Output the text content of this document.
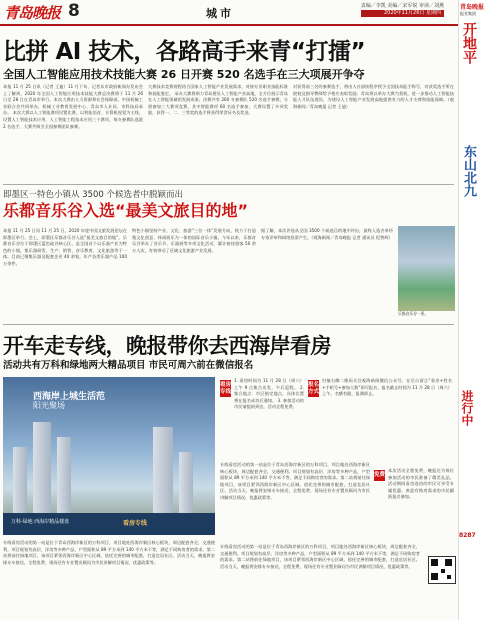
青岛晚报 8	城市
责编／李凯 美编／宋军锐 审读／刘燕

2020年11月26日 星期四
比拼 AI 技术，各路高手来青“打擂”
全国人工智能应用技术技能大赛 26 日开赛 520 名选手在三大项展开争夺
本报 11 月 25 日讯（记者 王迪）11 月下旬，记者从市政府新闻办发布会上了解到，2020 年全国人工智能应用技术技能大赛总决赛将于 11 月 26 日至 28 日在青岛市举行。本次大赛由人力资源和社会保障部、中国机械工业联合会共同举办，机械工业教育发展中心、青岛市人社局、市科技局承办。 本次大赛以人工智能赛项设置比赛，以智能语音、计算机视觉为主线，设置人工智能技术应用、人工智能工程技术应用三个赛项，每支参赛队选派 2 名选手，大赛共吸引全国参赛团队参赛。
大赛技术竞赛规程结合国家人工智能产业发展需求，对接专业职业技能标准和技能鉴定。 承办大赛将助力青岛建设人工智能产业高地，全方位展示青岛在人工智能领域的发展成果。决赛共有 260 支参赛队 520 名选手参赛，分别参加三大赛项竞赛，其中智能赛项 60 名选手参加，大赛设置了多项奖励，获得一、二、三等奖的选手将获得荣誉证书及奖金。
对获得前三名的参赛选手，将由人社部按程序授予全国技术能手称号，对获奖选手所在院校及指导教师给予相应表彰奖励。青岛将以举办大赛为契机，进一步推动人工智能技能人才队伍建设，为建设人工智能产业发展高地提供有力的人才支撑和技能保障。（观海新闻／青岛晚报 记者 王迪）
即墨区一特色小镇从 3500 个候选者中脱颖而出
乐都音乐谷入选“最美文旅目的地”
本报 11 月 25 日讯 11 月 25 日，2020 年度中国文旅发展论坛在即墨区举行。会上，即墨区乐都音乐谷入选“最美文旅目的地”。乐都音乐谷位于即墨区蓝色硅谷核心区，是全国首个以乐器产业为特色的小镇，集乐器研发、生产、销售、音乐教育、文化旅游等于一体。目前已聚集乐器及配套企业 40 余家，年产各类乐器产品 100 万余件。
特色小镇坚持产业、文化、旅游“三位一体”发展方向，致力于打造集文化创意、休闲娱乐为一体的国际音乐小镇。今年以来，乐都音乐谷举办了音乐节、乐器展等多项文化活动，累计接待游客 50 余万人次，有效带动了区域文化旅游产业发展。
据了解，本次评选从全国 3500 个候选目的地中评出，最终入选名单经专家评审和网络投票产生。（观海新闻／青岛晚报 记者 通讯员 纪曾辉）
乐都音乐谷一景。
开车走专线，晚报带你去西海岸看房
活动共有万科和绿地两大精品项目 市民可周六前在微信报名
西海岸上城生活范
阳光聚场
万科·绿地 西海岸精品楼盘	看房专线
看房专线
1. 看房时间为 11 月 28 日（周六）上午 9 点集合出发，午后返程。 2. 集合地点：市区指定地点，具体位置将在报名成功后通知。 3. 参加活动的市民请提前到达，活动全程免费。
报名方式
扫描右侧二维码关注观海新闻微信公众号，在后台留言“看房+姓名+手机号+参加人数”即可报名。报名截止时间为 11 月 28 日（周六）上午。名额有限，报满即止。
专线看房活动的第一站是位于青岛西海岸新区的万科项目，项目地处西海岸新区核心板块，周边配套齐全，交通便利。项目规划有高层、洋房等多种产品，户型面积从 89 平方米到 140 平方米不等，满足不同购房者的需求。第二站将前往绿地项目，该项目紧邻西海岸新区中心区域，依托完善的城市配套，打造宜居社区。活动当天，晚报将安排专车接送，全程免费，现场还有专业置业顾问为市民讲解项目情况、优惠政策等。
免费
本次活动全程免费，晚报还为每位参加活动的市民准备了精美礼品。活动期间看房选房的市民可享受专属优惠。欢迎有购房需求的市民踊跃报名参加。
专线看房活动的第一站是位于青岛西海岸新区的万科项目，项目地处西海岸新区核心板块，周边配套齐全，交通便利。项目规划有高层、洋房等多种产品，户型面积从 89 平方米到 140 平方米不等，满足不同购房者的需求。第二站将前往绿地项目，该项目紧邻西海岸新区中心区域，依托完善的城市配套，打造宜居社区。活动当天，晚报将安排专车接送，全程免费，现场还有专业置业顾问为市民讲解项目情况、优惠政策等。
专线看房活动的第一站是位于青岛西海岸新区的万科项目，项目地处西海岸新区核心板块，周边配套齐全，交通便利。项目规划有高层、洋房等多种产品，户型面积从 89 平方米到 140 平方米不等，满足不同购房者的需求。第二站将前往绿地项目，该项目紧邻西海岸新区中心区域，依托完善的城市配套，打造宜居社区。活动当天，晚报将安排专车接送，全程免费，现场还有专业置业顾问为市民讲解项目情况、优惠政策等。
青岛晚报
报业集团
开地平
东山北九
进行中
8287
